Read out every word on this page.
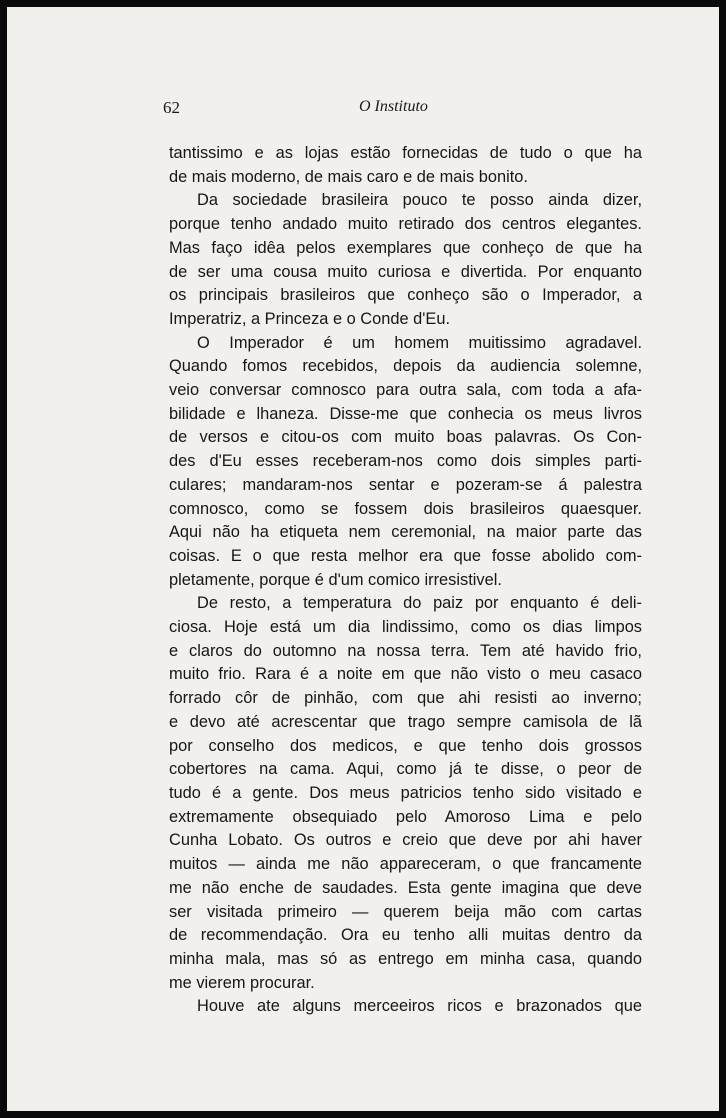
62	O Instituto
tantissimo e as lojas estão fornecidas de tudo o que ha
de mais moderno, de mais caro e de mais bonito.
Da sociedade brasileira pouco te posso ainda dizer,
porque tenho andado muito retirado dos centros elegantes.
Mas faço idêa pelos exemplares que conheço de que ha
de ser uma cousa muito curiosa e divertida. Por enquanto
os principais brasileiros que conheço são o Imperador, a
Imperatriz, a Princeza e o Conde d'Eu.
O Imperador é um homem muitissimo agradavel.
Quando fomos recebidos, depois da audiencia solemne,
veio conversar comnosco para outra sala, com toda a afa-
bilidade e lhaneza. Disse-me que conhecia os meus livros
de versos e citou-os com muito boas palavras. Os Con-
des d'Eu esses receberam-nos como dois simples parti-
culares; mandaram-nos sentar e pozeram-se á palestra
comnosco, como se fossem dois brasileiros quaesquer.
Aqui não ha etiqueta nem ceremonial, na maior parte das
coisas. E o que resta melhor era que fosse abolido com-
pletamente, porque é d'um comico irresistivel.
De resto, a temperatura do paiz por enquanto é deli-
ciosa. Hoje está um dia lindissimo, como os dias limpos
e claros do outomno na nossa terra. Tem até havido frio,
muito frio. Rara é a noite em que não visto o meu casaco
forrado côr de pinhão, com que ahi resisti ao inverno;
e devo até acrescentar que trago sempre camisola de lã
por conselho dos medicos, e que tenho dois grossos
cobertores na cama. Aqui, como já te disse, o peor de
tudo é a gente. Dos meus patricios tenho sido visitado e
extremamente obsequiado pelo Amoroso Lima e pelo
Cunha Lobato. Os outros e creio que deve por ahi haver
muitos — ainda me não appareceram, o que francamente
me não enche de saudades. Esta gente imagina que deve
ser visitada primeiro — querem beija mão com cartas
de recommendação. Ora eu tenho alli muitas dentro da
minha mala, mas só as entrego em minha casa, quando
me vierem procurar.
Houve ate alguns merceeiros ricos e brazonados que
